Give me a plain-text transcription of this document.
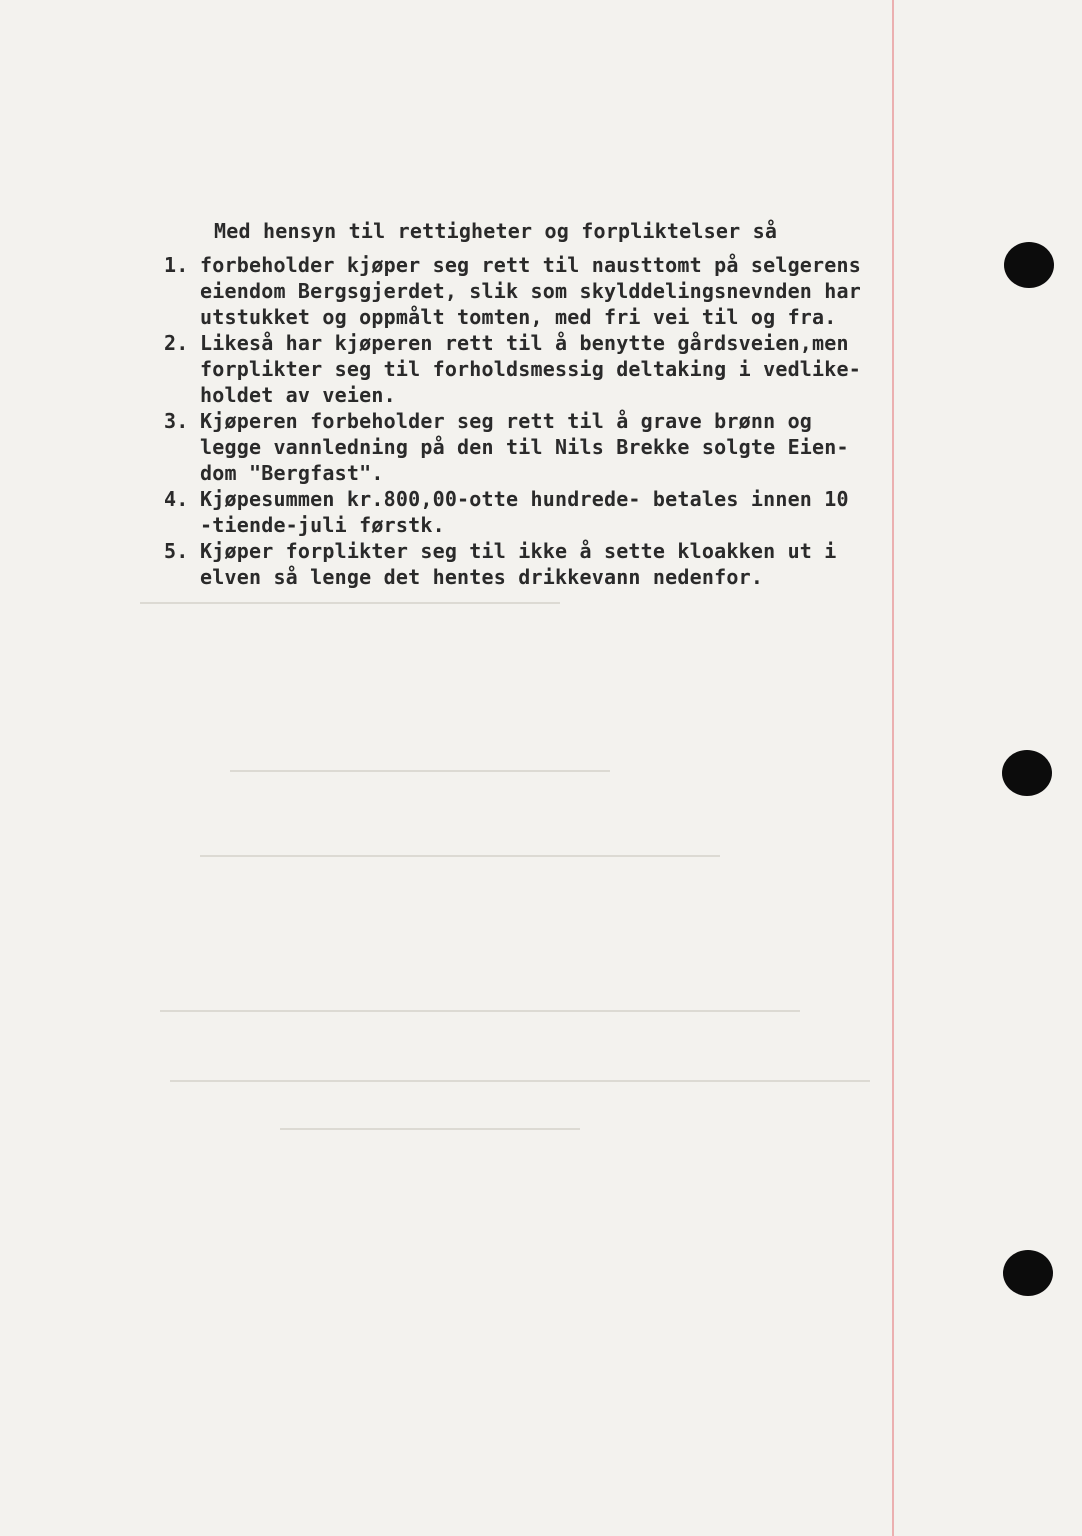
Med hensyn til rettigheter og forpliktelser så
1. forbeholder kjøper seg rett til nausttomt på selgerens
eiendom Bergsgjerdet, slik som skylddelingsnevnden har
utstukket og oppmålt tomten, med fri vei til og fra.
2. Likeså har kjøperen rett til å benytte gårdsveien,men
forplikter seg til forholdsmessig deltaking i vedlike-
holdet av veien.
3. Kjøperen forbeholder seg rett til å grave brønn og
legge vannledning på den til Nils Brekke solgte Eien-
dom "Bergfast".
4. Kjøpesummen kr.800,00-otte hundrede- betales innen 10
-tiende-juli førstk.
5. Kjøper forplikter seg til ikke å sette kloakken ut i
elven så lenge det hentes drikkevann nedenfor.
